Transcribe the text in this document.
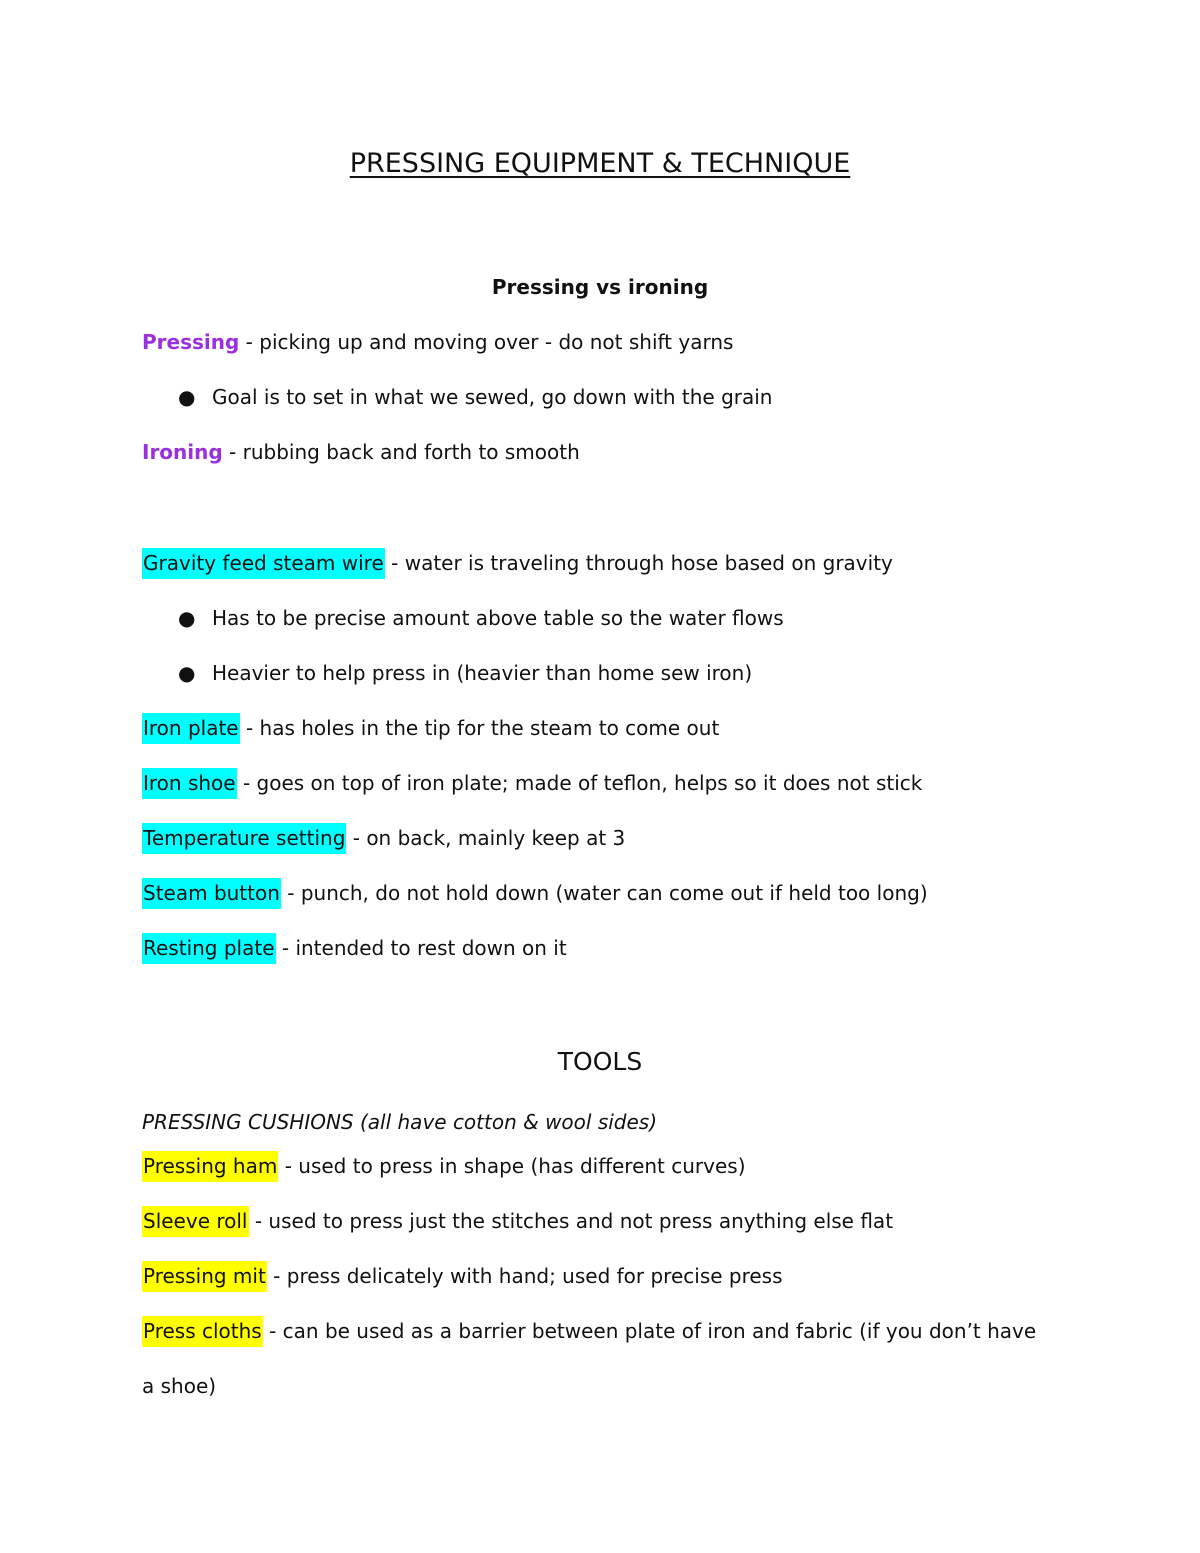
PRESSING EQUIPMENT & TECHNIQUE
Pressing vs ironing
Pressing - picking up and moving over - do not shift yarns
● Goal is to set in what we sewed, go down with the grain
Ironing - rubbing back and forth to smooth
Gravity feed steam wire - water is traveling through hose based on gravity
● Has to be precise amount above table so the water flows
● Heavier to help press in (heavier than home sew iron)
Iron plate - has holes in the tip for the steam to come out
Iron shoe - goes on top of iron plate; made of teflon, helps so it does not stick
Temperature setting - on back, mainly keep at 3
Steam button - punch, do not hold down (water can come out if held too long)
Resting plate - intended to rest down on it
TOOLS
PRESSING CUSHIONS (all have cotton & wool sides)
Pressing ham - used to press in shape (has different curves)
Sleeve roll - used to press just the stitches and not press anything else flat
Pressing mit - press delicately with hand; used for precise press
Press cloths - can be used as a barrier between plate of iron and fabric (if you don’t have a shoe)
